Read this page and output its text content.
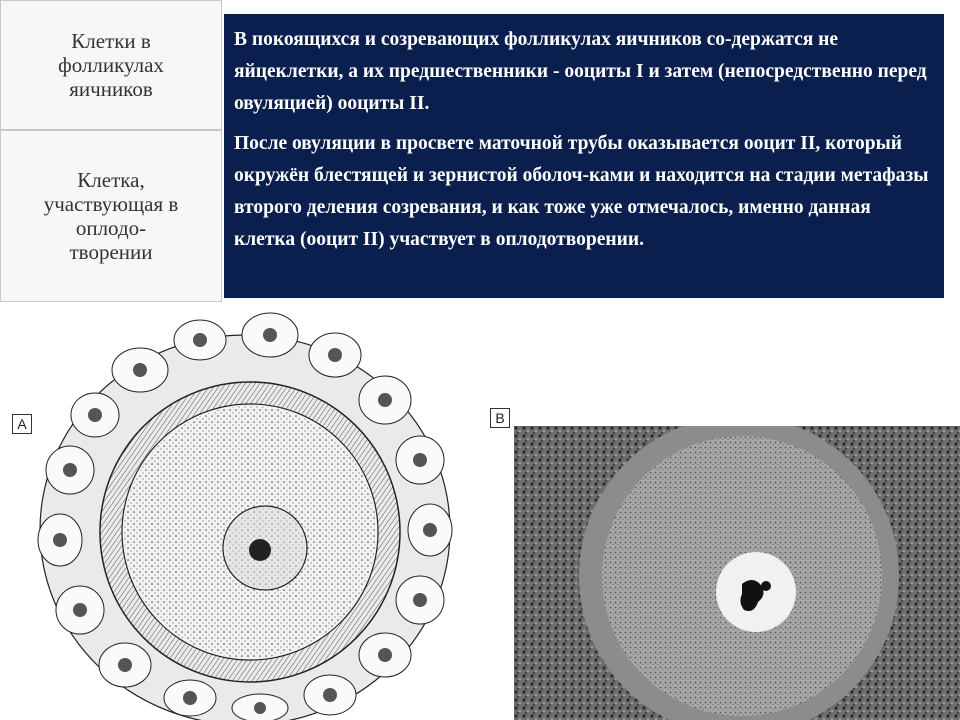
Клетки в
фолликулах
яичников
Клетка,
участвующая в
оплодо-
творении

В покоящихся и созревающих фолликулах яичников со-держатся не яйцеклетки, а их предшественники - ооциты I и затем (непосредственно перед овуляцией) ооциты II.

После овуляции в просвете маточной трубы оказывается ооцит II, который окружён блестящей и зернистой оболоч-ками и находится на стадии метафазы второго деления созревания, и как тоже уже отмечалось, именно данная клетка (ооцит II) участвует в оплодотворении.

A	B
